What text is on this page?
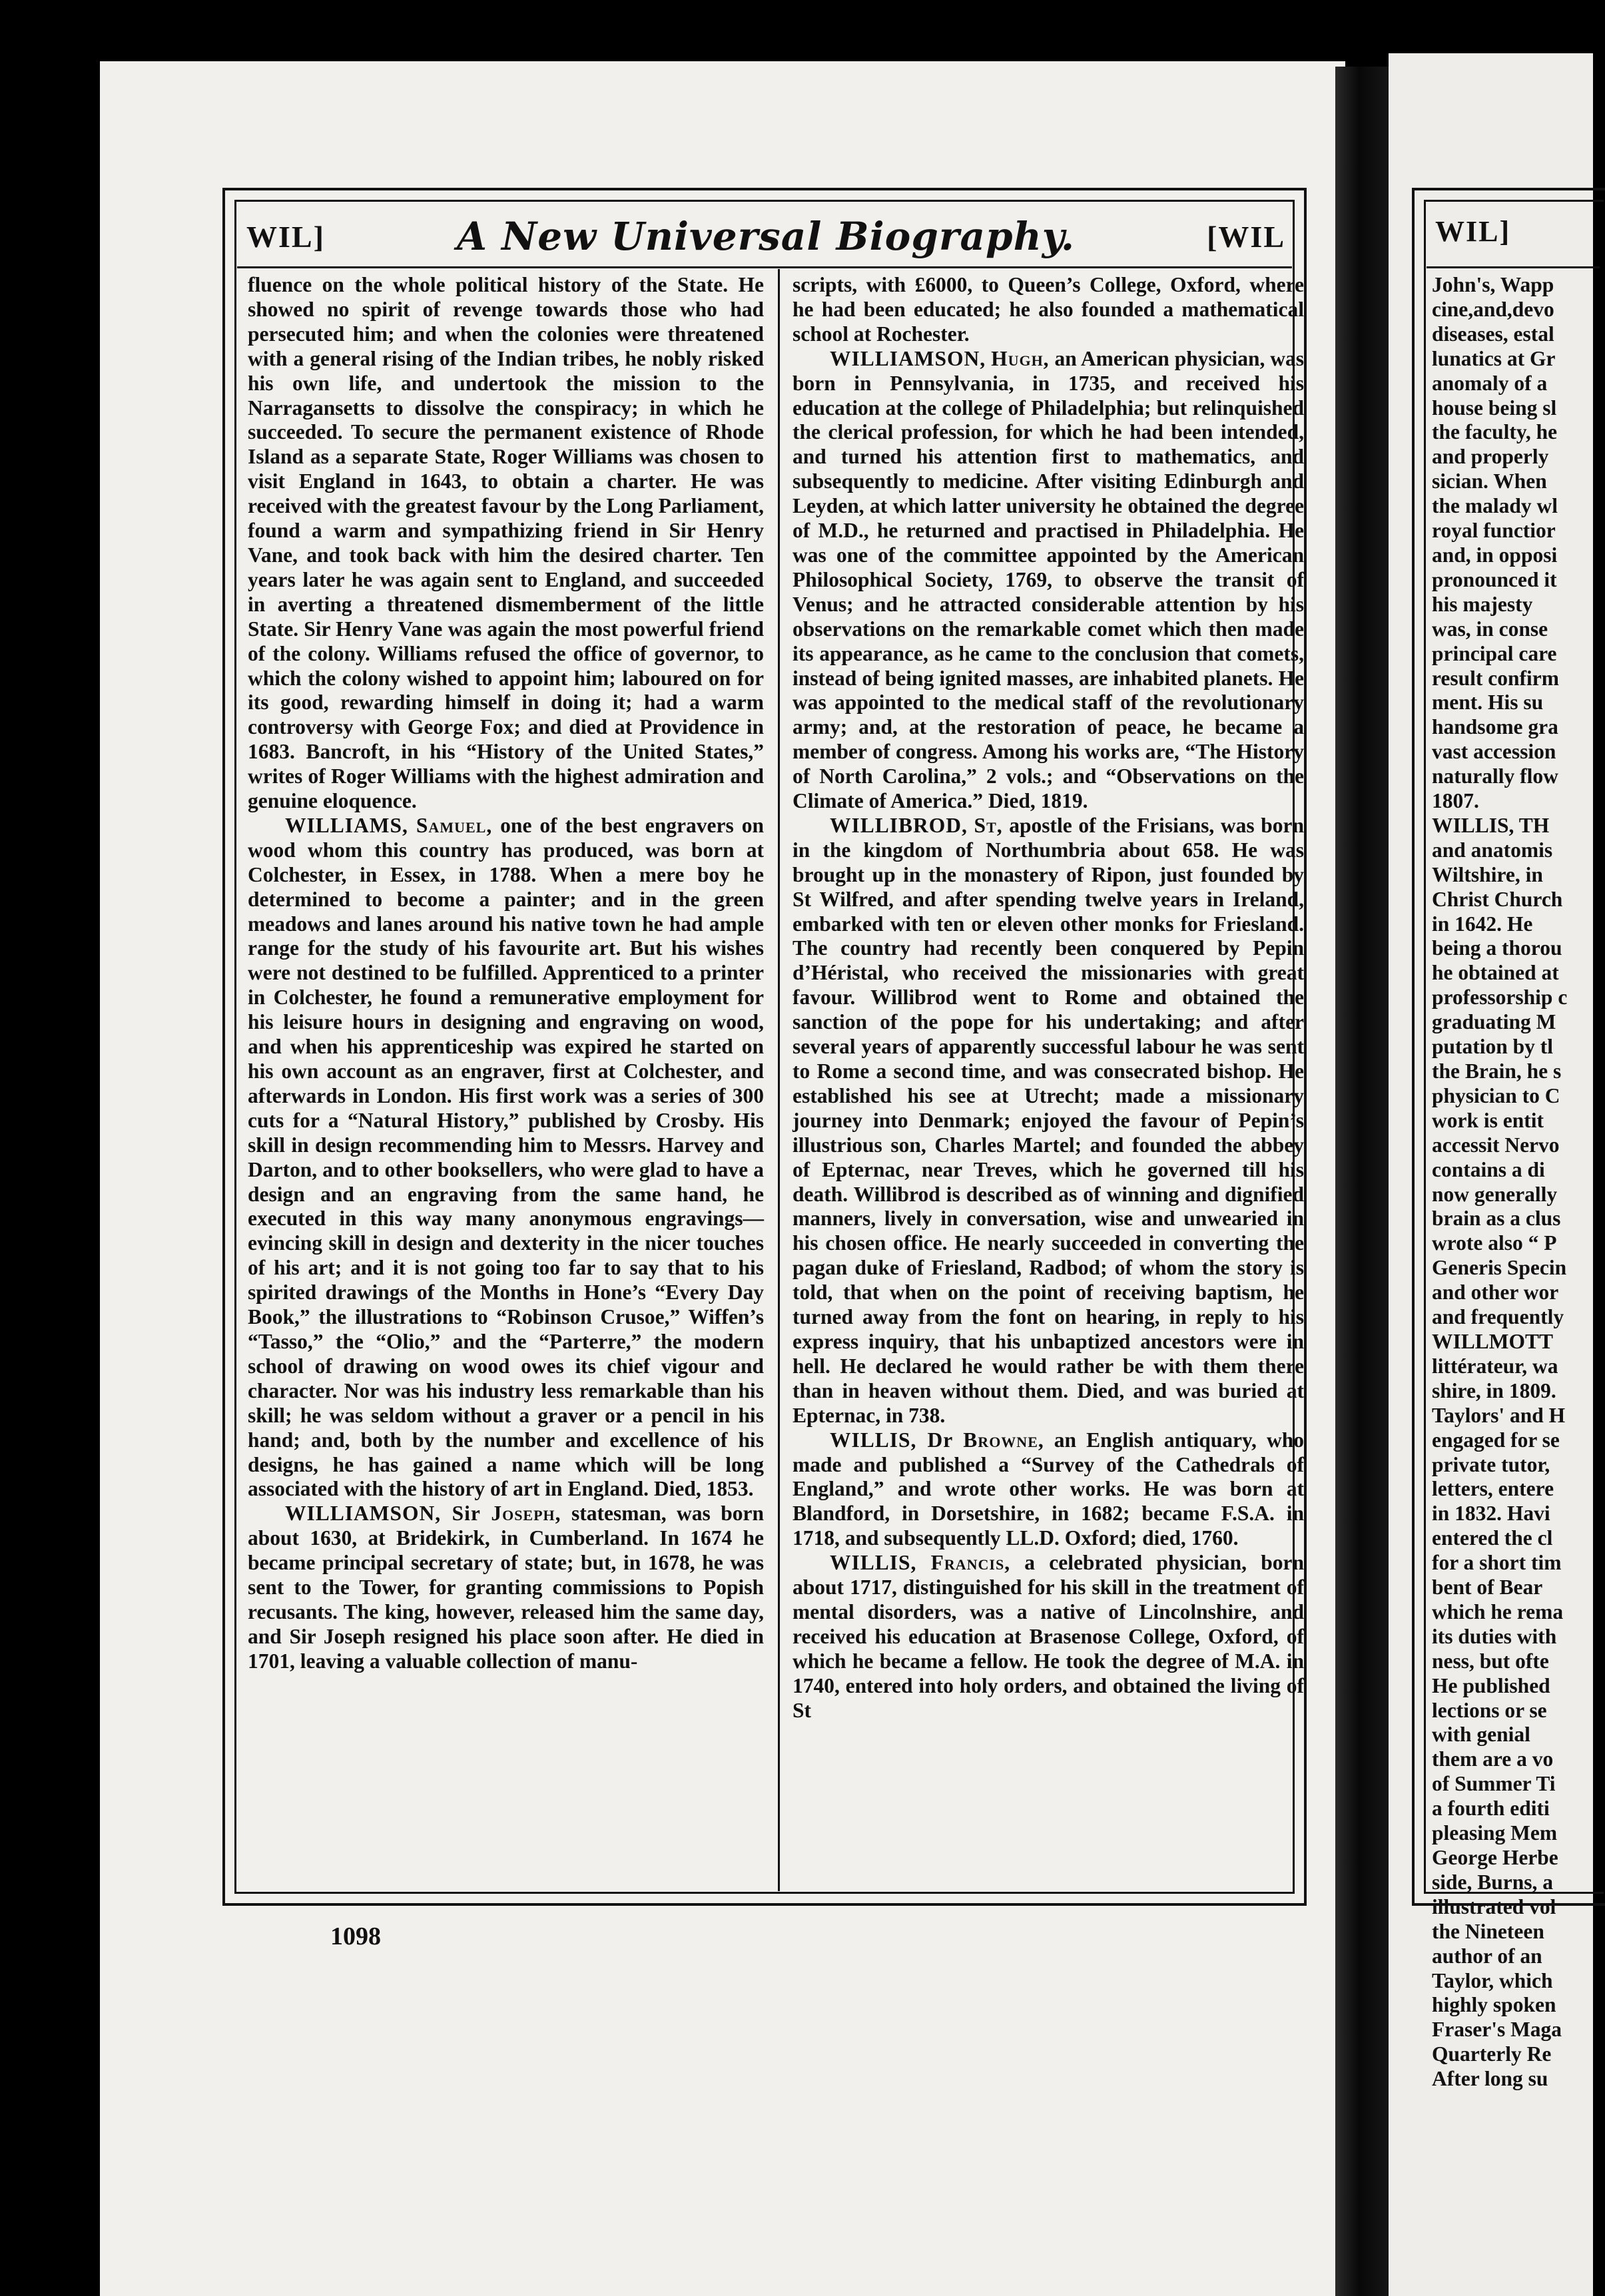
WIL]	A New Universal Biography.	[WIL

fluence on the whole political history of the State. He showed no spirit of revenge towards those who had persecuted him; and when the colonies were threatened with a general rising of the Indian tribes, he nobly risked his own life, and undertook the mission to the Narragansetts to dissolve the conspiracy; in which he succeeded. To secure the permanent existence of Rhode Island as a separate State, Roger Williams was chosen to visit England in 1643, to obtain a charter. He was received with the greatest favour by the Long Parliament, found a warm and sympathizing friend in Sir Henry Vane, and took back with him the desired charter. Ten years later he was again sent to England, and succeeded in averting a threatened dismemberment of the little State. Sir Henry Vane was again the most powerful friend of the colony. Williams refused the office of governor, to which the colony wished to appoint him; laboured on for its good, rewarding himself in doing it; had a warm controversy with George Fox; and died at Providence in 1683. Bancroft, in his “History of the United States,” writes of Roger Williams with the highest admiration and genuine eloquence.

WILLIAMS, Samuel, one of the best engravers on wood whom this country has produced, was born at Colchester, in Essex, in 1788. When a mere boy he determined to become a painter; and in the green meadows and lanes around his native town he had ample range for the study of his favourite art. But his wishes were not destined to be fulfilled. Apprenticed to a printer in Colchester, he found a remunerative employment for his leisure hours in designing and engraving on wood, and when his apprenticeship was expired he started on his own account as an engraver, first at Colchester, and afterwards in London. His first work was a series of 300 cuts for a “Natural History,” published by Crosby. His skill in design recommending him to Messrs. Harvey and Darton, and to other booksellers, who were glad to have a design and an engraving from the same hand, he executed in this way many anonymous engravings—evincing skill in design and dexterity in the nicer touches of his art; and it is not going too far to say that to his spirited drawings of the Months in Hone’s “Every Day Book,” the illustrations to “Robinson Crusoe,” Wiffen’s “Tasso,” the “Olio,” and the “Parterre,” the modern school of drawing on wood owes its chief vigour and character. Nor was his industry less remarkable than his skill; he was seldom without a graver or a pencil in his hand; and, both by the number and excellence of his designs, he has gained a name which will be long associated with the history of art in England. Died, 1853.

WILLIAMSON, Sir Joseph, statesman, was born about 1630, at Bridekirk, in Cumberland. In 1674 he became principal secretary of state; but, in 1678, he was sent to the Tower, for granting commissions to Popish recusants. The king, however, released him the same day, and Sir Joseph resigned his place soon after. He died in 1701, leaving a valuable collection of manu-

scripts, with £6000, to Queen’s College, Oxford, where he had been educated; he also founded a mathematical school at Rochester.

WILLIAMSON, Hugh, an American physician, was born in Pennsylvania, in 1735, and received his education at the college of Philadelphia; but relinquished the clerical profession, for which he had been intended, and turned his attention first to mathematics, and subsequently to medicine. After visiting Edinburgh and Leyden, at which latter university he obtained the degree of M.D., he returned and practised in Philadelphia. He was one of the committee appointed by the American Philosophical Society, 1769, to observe the transit of Venus; and he attracted considerable attention by his observations on the remarkable comet which then made its appearance, as he came to the conclusion that comets, instead of being ignited masses, are inhabited planets. He was appointed to the medical staff of the revolutionary army; and, at the restoration of peace, he became a member of congress. Among his works are, “The History of North Carolina,” 2 vols.; and “Observations on the Climate of America.” Died, 1819.

WILLIBROD, St, apostle of the Frisians, was born in the kingdom of Northumbria about 658. He was brought up in the monastery of Ripon, just founded by St Wilfred, and after spending twelve years in Ireland, embarked with ten or eleven other monks for Friesland. The country had recently been conquered by Pepin d’Héristal, who received the missionaries with great favour. Willibrod went to Rome and obtained the sanction of the pope for his undertaking; and after several years of apparently successful labour he was sent to Rome a second time, and was consecrated bishop. He established his see at Utrecht; made a missionary journey into Denmark; enjoyed the favour of Pepin’s illustrious son, Charles Martel; and founded the abbey of Epternac, near Treves, which he governed till his death. Willibrod is described as of winning and dignified manners, lively in conversation, wise and unwearied in his chosen office. He nearly succeeded in converting the pagan duke of Friesland, Radbod; of whom the story is told, that when on the point of receiving baptism, he turned away from the font on hearing, in reply to his express inquiry, that his unbaptized ancestors were in hell. He declared he would rather be with them there than in heaven without them. Died, and was buried at Epternac, in 738.

WILLIS, Dr Browne, an English antiquary, who made and published a “Survey of the Cathedrals of England,” and wrote other works. He was born at Blandford, in Dorsetshire, in 1682; became F.S.A. in 1718, and subsequently LL.D. Oxford; died, 1760.

WILLIS, Francis, a celebrated physician, born about 1717, distinguished for his skill in the treatment of mental disorders, was a native of Lincolnshire, and received his education at Brasenose College, Oxford, of which he became a fellow. He took the degree of M.A. in 1740, entered into holy orders, and obtained the living of St

1098
WIL]
John's, Wapp
cine,and,devo
diseases, estal
lunatics at Gr
anomaly of a
house being sl
the faculty, he
and properly
sician. When
the malady wl
royal functior
and, in opposi
pronounced it
his majesty
was, in conse
principal care
result confirm
ment. His su
handsome gra
vast accession
naturally flow
1807.
WILLIS, TH
and anatomis
Wiltshire, in
Christ Church
in 1642. He
being a thorou
he obtained at
professorship c
graduating M
putation by tl
the Brain, he s
physician to C
work is entit
accessit Nervo
contains a di
now generally
brain as a clus
wrote also “ P
Generis Specin
and other wor
and frequently
WILLMOTT
littérateur, wa
shire, in 1809.
Taylors' and H
engaged for se
private tutor,
letters, entere
in 1832. Havi
entered the cl
for a short tim
bent of Bear
which he rema
its duties with
ness, but ofte
He published
lections or se
with genial
them are a vo
of Summer Ti
a fourth editi
pleasing Mem
George Herbe
side, Burns, a
illustrated vol
the Nineteen
author of an
Taylor, which
highly spoken
Fraser's Maga
Quarterly Re
After long su
